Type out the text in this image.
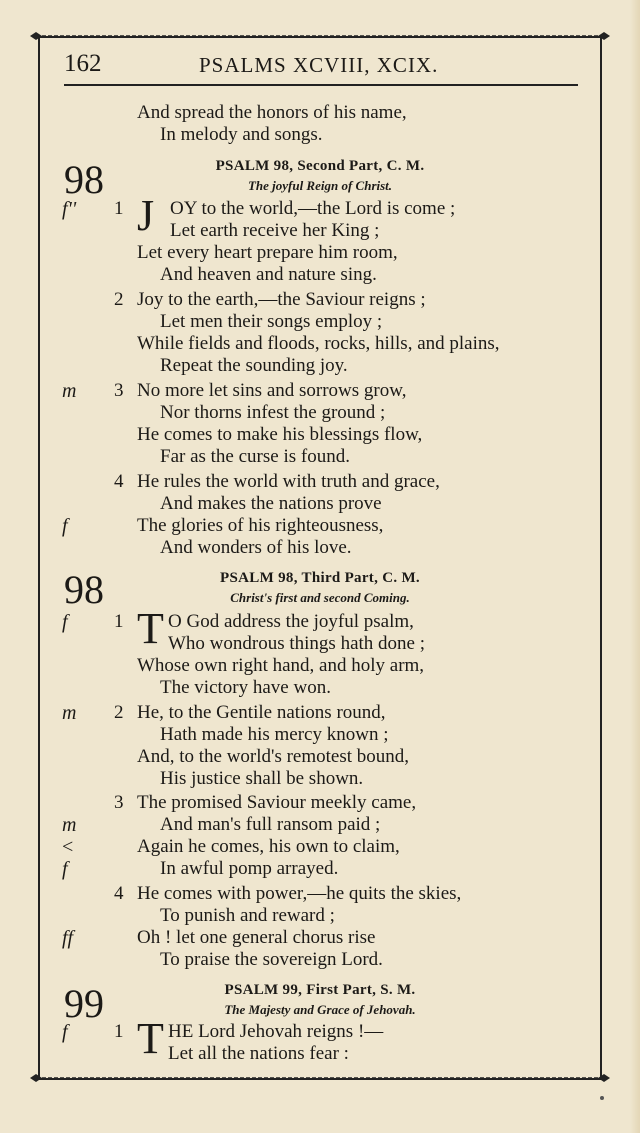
162	PSALMS XCVIII, XCIX.
And spread the honors of his name,
In melody and songs.
98	PSALM 98, Second Part, C. M.
The joyful Reign of Christ.
f'' 1 J OY to the world,—the Lord is come ;
Let earth receive her King ;
Let every heart prepare him room,
And heaven and nature sing.
2 Joy to the earth,—the Saviour reigns ;
Let men their songs employ ;
While fields and floods, rocks, hills, and plains,
Repeat the sounding joy.
m 3 No more let sins and sorrows grow,
Nor thorns infest the ground ;
He comes to make his blessings flow,
Far as the curse is found.
4 He rules the world with truth and grace,
And makes the nations prove
f	The glories of his righteousness,
And wonders of his love.
98	PSALM 98, Third Part, C. M.
Christ's first and second Coming.
f 1 T O God address the joyful psalm,
Who wondrous things hath done ;
Whose own right hand, and holy arm,
The victory have won.
m 2 He, to the Gentile nations round,
Hath made his mercy known ;
And, to the world's remotest bound,
His justice shall be shown.
3 The promised Saviour meekly came,
m	And man's full ransom paid ;
<	Again he comes, his own to claim,
f	In awful pomp arrayed.
4 He comes with power,—he quits the skies,
To punish and reward ;
ff	Oh ! let one general chorus rise
To praise the sovereign Lord.
99	PSALM 99, First Part, S. M.
The Majesty and Grace of Jehovah.
f 1 T HE Lord Jehovah reigns !—
Let all the nations fear :
